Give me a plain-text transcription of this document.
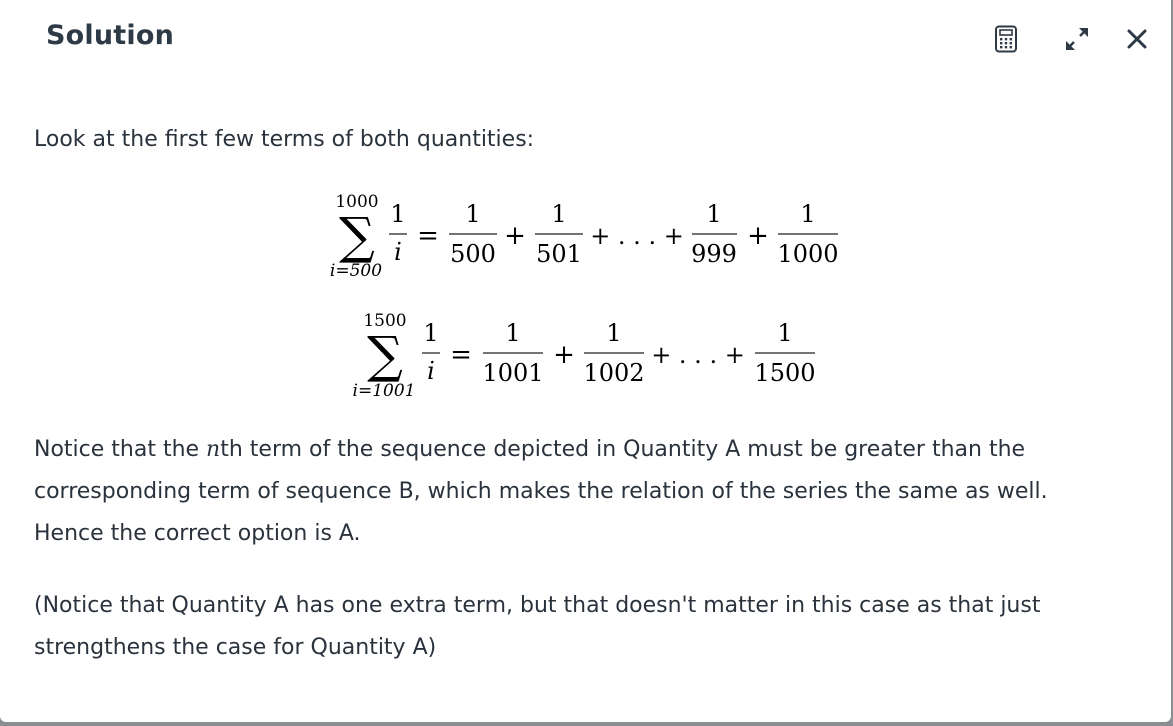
Solution
Look at the first few terms of both quantities:
1000
∑
i=500
1
i
=
1
500
+
1
501
+ . . . +
1
999
+
1
1000
1500
∑
i=1001
1
i
=
1
1001
+
1
1002
+ . . . +
1
1500
Notice that the nth term of the sequence depicted in Quantity A must be greater than the corresponding term of sequence B, which makes the relation of the series the same as well. Hence the correct option is A.
(Notice that Quantity A has one extra term, but that doesn't matter in this case as that just strengthens the case for Quantity A)
